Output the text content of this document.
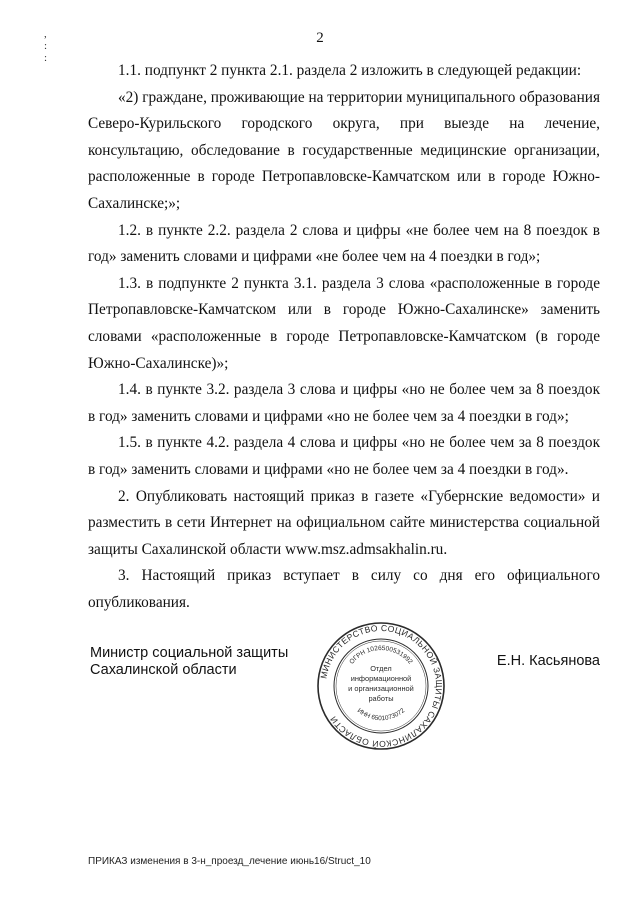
2
,
:
:

1.1. подпункт 2 пункта 2.1. раздела 2 изложить в следующей редакции:

«2) граждане, проживающие на территории муниципального образования Северо-Курильского городского округа, при выезде на лечение, консультацию, обследование в государственные медицинские организации, расположенные в городе Петропавловске-Камчатском или в городе Южно-Сахалинске;»;

1.2. в пункте 2.2. раздела 2 слова и цифры «не более чем на 8 поездок в год» заменить словами и цифрами «не более чем на 4 поездки в год»;

1.3. в подпункте 2 пункта 3.1. раздела 3 слова «расположенные в городе Петропавловске-Камчатском или в городе Южно-Сахалинске» заменить словами «расположенные в городе Петропавловске-Камчатском (в городе Южно-Сахалинске)»;

1.4. в пункте 3.2. раздела 3 слова и цифры «но не более чем за 8 поездок в год» заменить словами и цифрами «но не более чем за 4 поездки в год»;

1.5. в пункте 4.2. раздела 4 слова и цифры «но не более чем за 8 поездок в год» заменить словами и цифрами «но не более чем за 4 поездки в год».

2. Опубликовать настоящий приказ в газете «Губернские ведомости» и разместить в сети Интернет на официальном сайте министерства социальной защиты Сахалинской области www.msz.admsakhalin.ru.

3. Настоящий приказ вступает в силу со дня его официального опубликования.

Министр социальной защиты
Сахалинской области	МИНИСТЕРСТВО СОЦИАЛЬНОЙ ЗАЩИТЫ САХАЛИНСКОЙ ОБЛАСТИ
ОГРН 1026500531992
ИНН 6501073072
Отдел
информационной
и организационной
работы
Е.Н. Касьянова
ПРИКАЗ изменения в 3-н_проезд_лечение июнь16/Struct_10
